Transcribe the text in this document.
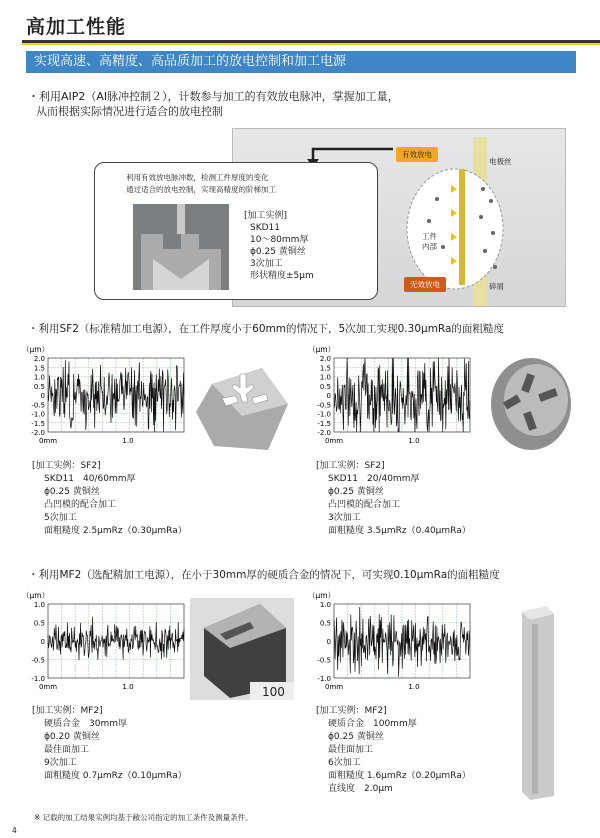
高加工性能
实现高速、高精度、高品质加工的放电控制和加工电源
・利用AIP2（AI脉冲控制２），计数参与加工的有效放电脉冲，掌握加工量，
从而根据实际情况进行适合的放电控制
有效放电
无效放电
电极丝
工件内部
碎屑
利用有效放电脉冲数，检测工件厚度的变化
通过适合的放电控制，实现高精度的阶梯加工
[加工实例]
SKD11
10～80mm厚
ϕ0.25 黄铜丝
3次加工
形状精度±5μm
・利用SF2（标准精加工电源），在工件厚度小于60mm的情况下，5次加工实现0.30μmRa的面粗糙度
（μm）
2.0
1.5
1.0
0.5
0
-0.5
-1.0
-1.5
-2.0
0mm	1.0
（μm）
2.0
1.5
1.0
0.5
0
-0.5
-1.0
-1.5
-2.0
0mm	1.0
[加工实例：SF2]
SKD11　40/60mm厚
ϕ0.25 黄铜丝
凸凹模的配合加工
5次加工
面粗糙度 2.5μmRz（0.30μmRa）
[加工实例：SF2]
SKD11　20/40mm厚
ϕ0.25 黄铜丝
凸凹模的配合加工
3次加工
面粗糙度 3.5μmRz（0.40μmRa）
・利用MF2（选配精加工电源），在小于30mm厚的硬质合金的情况下，可实现0.10μmRa的面粗糙度
（μm）
1.0
0.5
0
-0.5
-1.0
0mm	1.0	100
（μm）
1.0
0.5
0
-0.5
-1.0
0mm	1.0
[加工实例：MF2]
硬质合金　30mm厚
ϕ0.20 黄铜丝
最佳面加工
9次加工
面粗糙度 0.7μmRz（0.10μmRa）
[加工实例：MF2]
硬质合金　100mm厚
ϕ0.25 黄铜丝
最佳面加工
6次加工
面粗糙度 1.6μmRz（0.20μmRa）
直线度　2.0μm
※ 记载的加工结果实例均基于敝公司指定的加工条件及测量条件。
4
